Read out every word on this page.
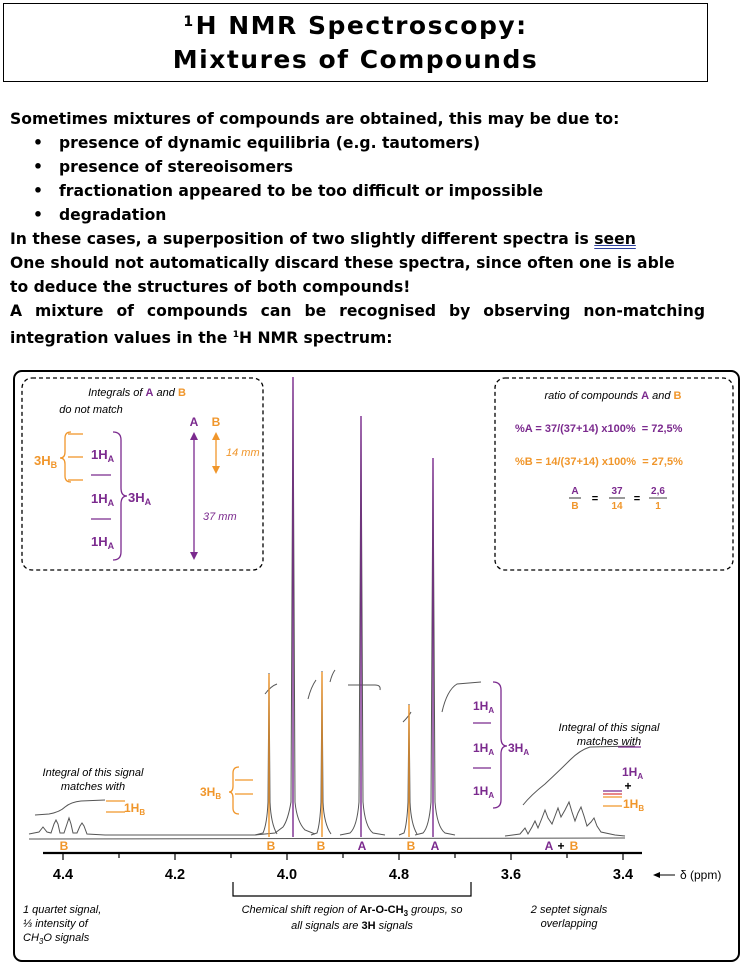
$^1$H NMR Spectroscopy:
Mixtures of Compounds

Sometimes mixtures of compounds are obtained, this may be due to:

• presence of dynamic equilibria (e.g. tautomers)
• presence of stereoisomers
• fractionation appeared to be too difficult or impossible
• degradation

In these cases, a superposition of two slightly different spectra is seen

One should not automatically discard these spectra, since often one is able

to deduce the structures of both compounds!

A mixture of compounds can be recognised by observing non-matching

integration values in the $^1$H NMR spectrum:

Integrals of A and B
do not match
$3H_B$
$1H_A$
$1H_A$
$1H_A$
$3H_A$
A B
14 mm
37 mm
ratio of compounds A and B
%A = 37/(37+14) x100%  = 72,5%
%B = 14/(37+14) x100%  = 27,5%
A
B
=
37
14
=
2,6
1
Integral of this signal
matches with
$1H_B$
$3H_B$
$1H_A$
$1H_A$
$1H_A$
$3H_A$
Integral of this signal
matches with
$1H_A$
+
$1H_B$
B	B	B	A	B A	A + B
4.4	4.2	4.0	4.8	3.6	3.4	δ (ppm)
1 quartet signal,
⅓ intensity of
$CH_3O$ signals
Chemical shift region of $Ar-O-CH_3$ groups, so
all signals are 3H signals
2 septet signals
overlapping
